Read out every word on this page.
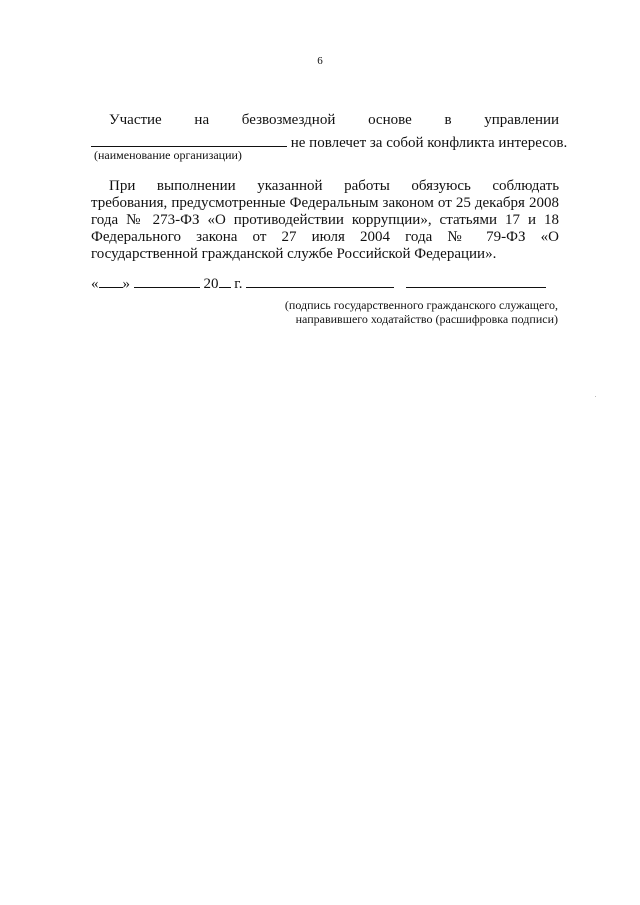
6
Участие на безвозмездной основе в управлении
не повлечет за собой конфликта интересов.
(наименование организации)
При выполнении указанной работы обязуюсь соблюдать
требования, предусмотренные Федеральным законом от 25 декабря 2008
года № 273-ФЗ «О противодействии коррупции», статьями 17 и 18
Федерального закона от 27 июля 2004 года № 79-ФЗ «О
государственной гражданской службе Российской Федерации».
« »	20 г.
(подпись государственного гражданского служащего,
направившего ходатайство (расшифровка подписи)
